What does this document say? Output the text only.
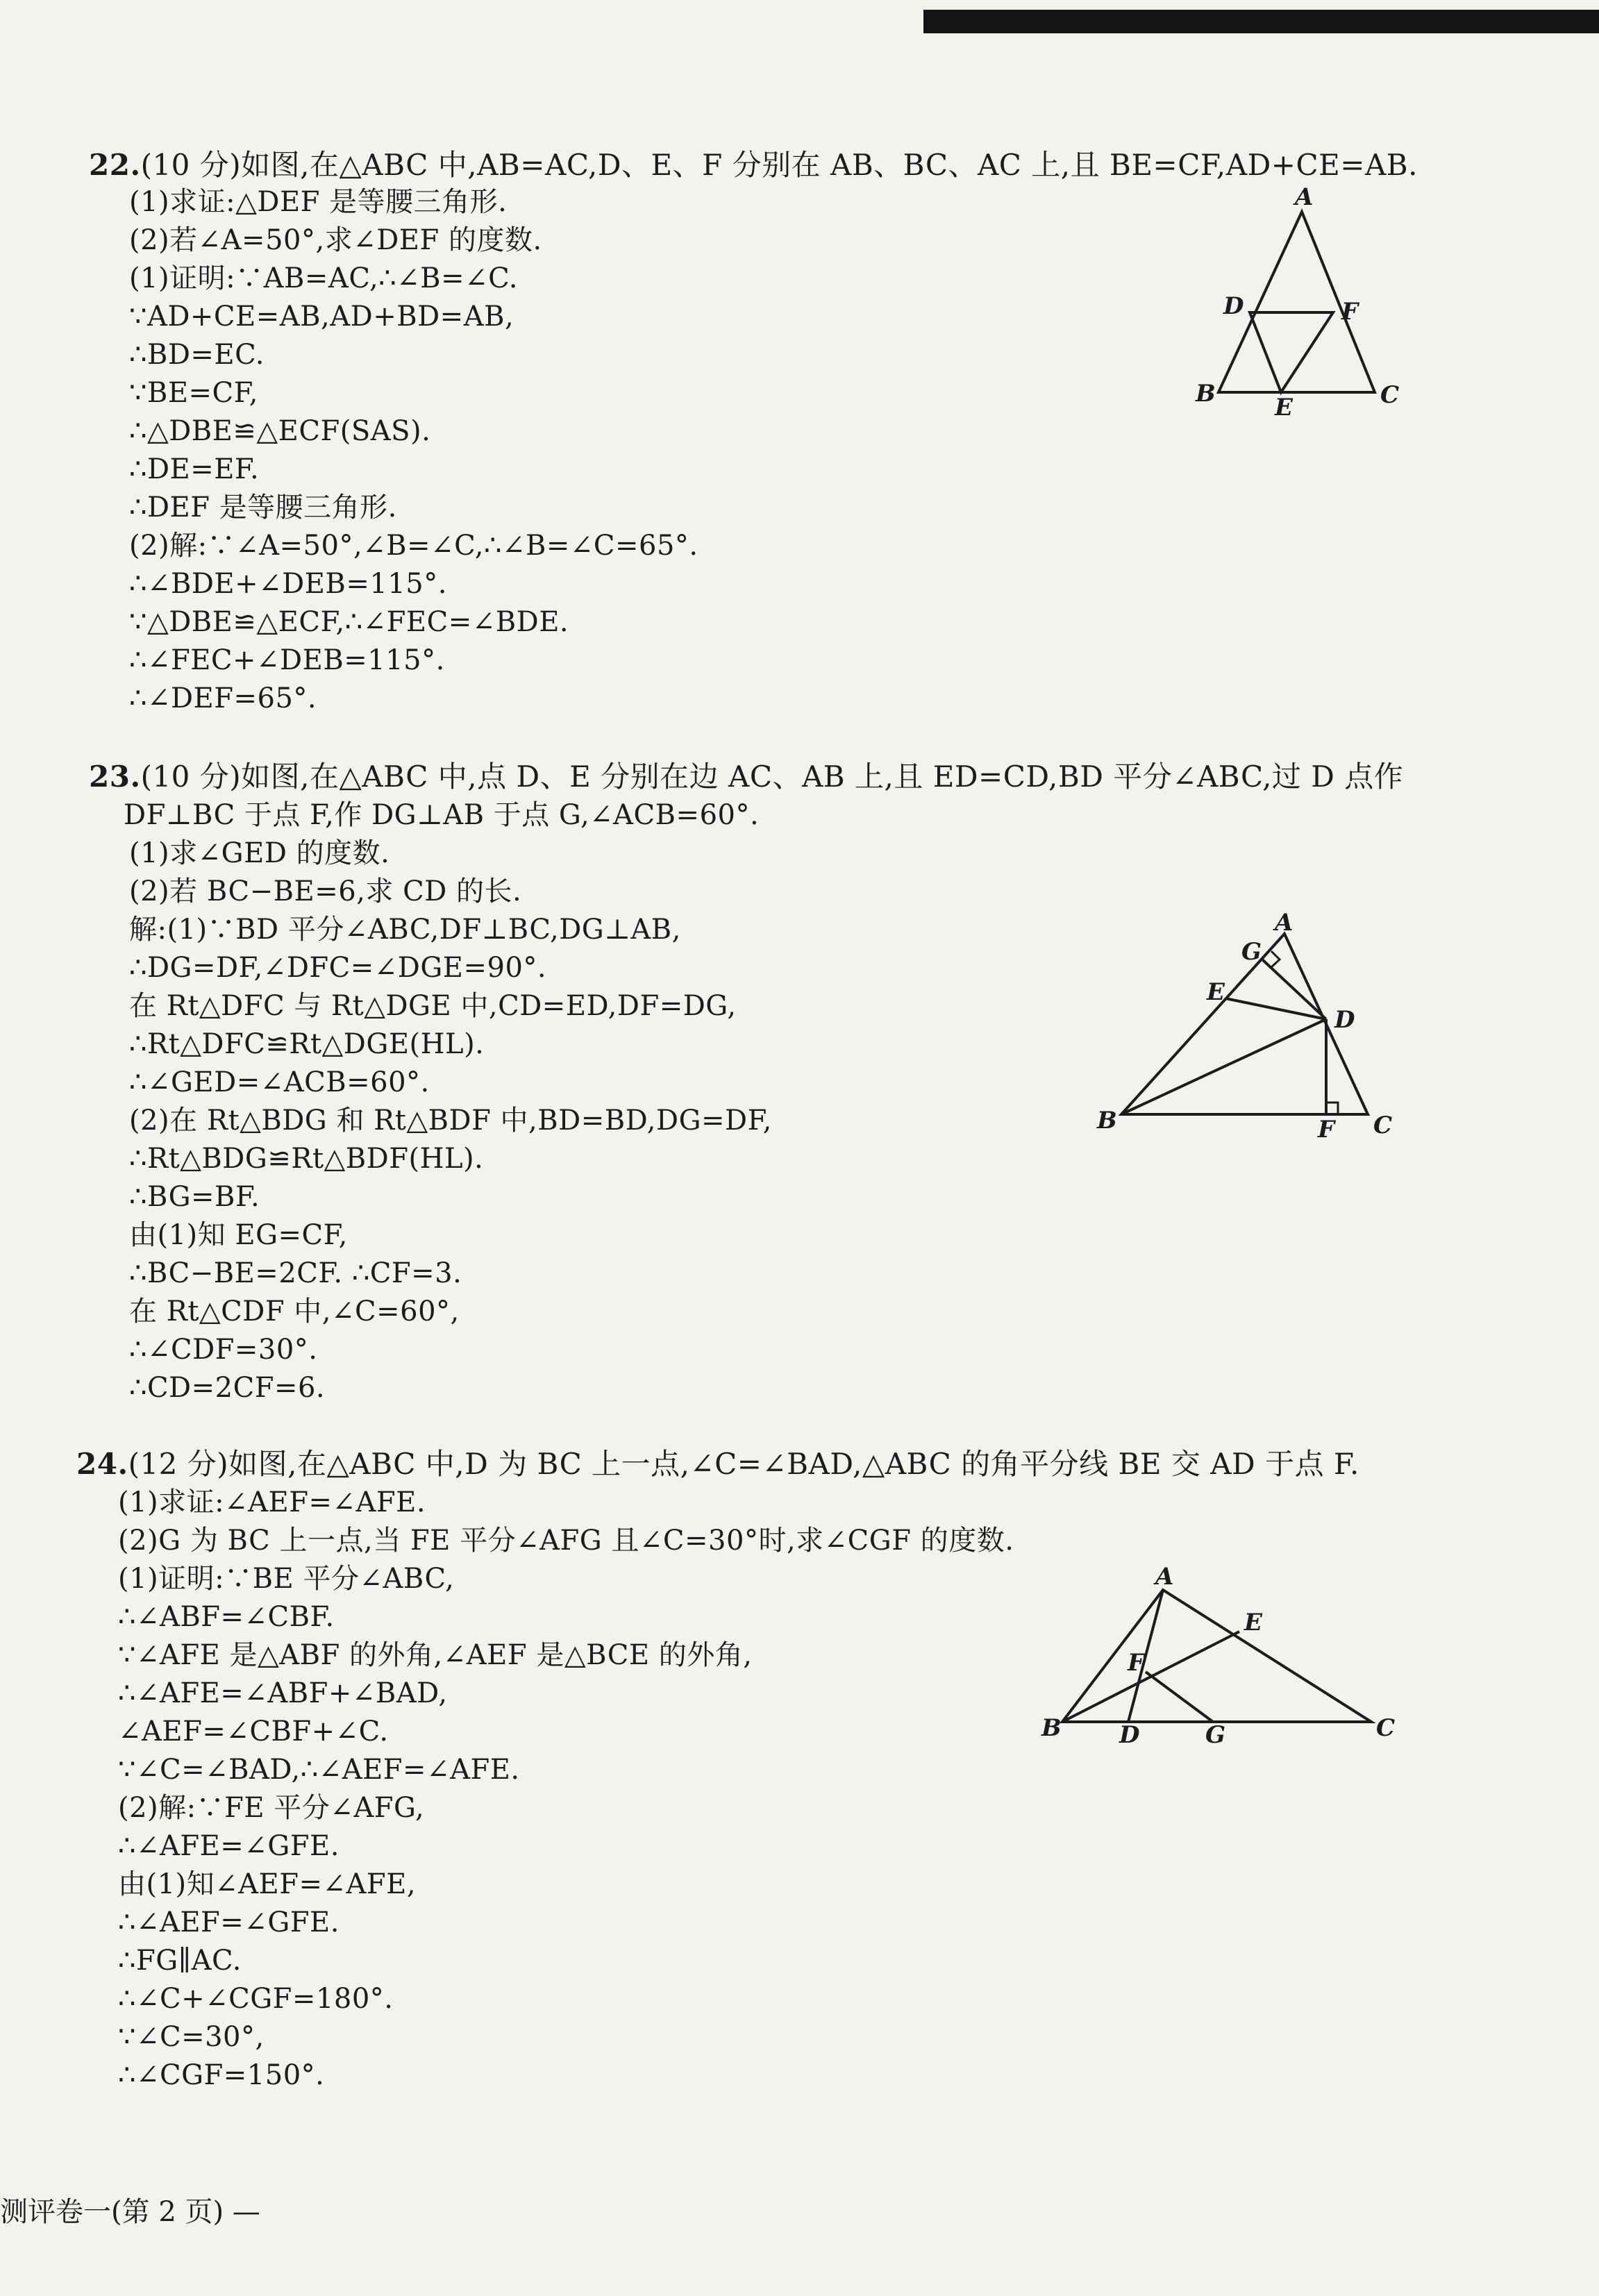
22.(10 分)如图,在△ABC 中,AB=AC,D、E、F 分别在 AB、BC、AC 上,且 BE=CF,AD+CE=AB.
(1)求证:△DEF 是等腰三角形.
(2)若∠A=50°,求∠DEF 的度数.
(1)证明:∵AB=AC,∴∠B=∠C.
∵AD+CE=AB,AD+BD=AB,
∴BD=EC.
∵BE=CF,
∴△DBE≌△ECF(SAS).
∴DE=EF.
∴DEF 是等腰三角形.
(2)解:∵∠A=50°,∠B=∠C,∴∠B=∠C=65°.
∴∠BDE+∠DEB=115°.
∵△DBE≌△ECF,∴∠FEC=∠BDE.
∴∠FEC+∠DEB=115°.
∴∠DEF=65°.
A
B	C
D
E
F
23.(10 分)如图,在△ABC 中,点 D、E 分别在边 AC、AB 上,且 ED=CD,BD 平分∠ABC,过 D 点作
DF⊥BC 于点 F,作 DG⊥AB 于点 G,∠ACB=60°.
(1)求∠GED 的度数.
(2)若 BC−BE=6,求 CD 的长.
解:(1)∵BD 平分∠ABC,DF⊥BC,DG⊥AB,
∴DG=DF,∠DFC=∠DGE=90°.
在 Rt△DFC 与 Rt△DGE 中,CD=ED,DF=DG,
∴Rt△DFC≌Rt△DGE(HL).
∴∠GED=∠ACB=60°.
(2)在 Rt△BDG 和 Rt△BDF 中,BD=BD,DG=DF,
∴Rt△BDG≌Rt△BDF(HL).
∴BG=BF.
由(1)知 EG=CF,
∴BC−BE=2CF. ∴CF=3.
在 Rt△CDF 中,∠C=60°,
∴∠CDF=30°.
∴CD=2CF=6.
A
B	C
D
E
F
G
24.(12 分)如图,在△ABC 中,D 为 BC 上一点,∠C=∠BAD,△ABC 的角平分线 BE 交 AD 于点 F.
(1)求证:∠AEF=∠AFE.
(2)G 为 BC 上一点,当 FE 平分∠AFG 且∠C=30°时,求∠CGF 的度数.
(1)证明:∵BE 平分∠ABC,
∴∠ABF=∠CBF.
∵∠AFE 是△ABF 的外角,∠AEF 是△BCE 的外角,
∴∠AFE=∠ABF+∠BAD,
∠AEF=∠CBF+∠C.
∵∠C=∠BAD,∴∠AEF=∠AFE.
(2)解:∵FE 平分∠AFG,
∴∠AFE=∠GFE.
由(1)知∠AEF=∠AFE,
∴∠AEF=∠GFE.
∴FG∥AC.
∴∠C+∠CGF=180°.
∵∠C=30°,
∴∠CGF=150°.
A
B	C
D
E
F
G
测评卷一(第 2 页) —
